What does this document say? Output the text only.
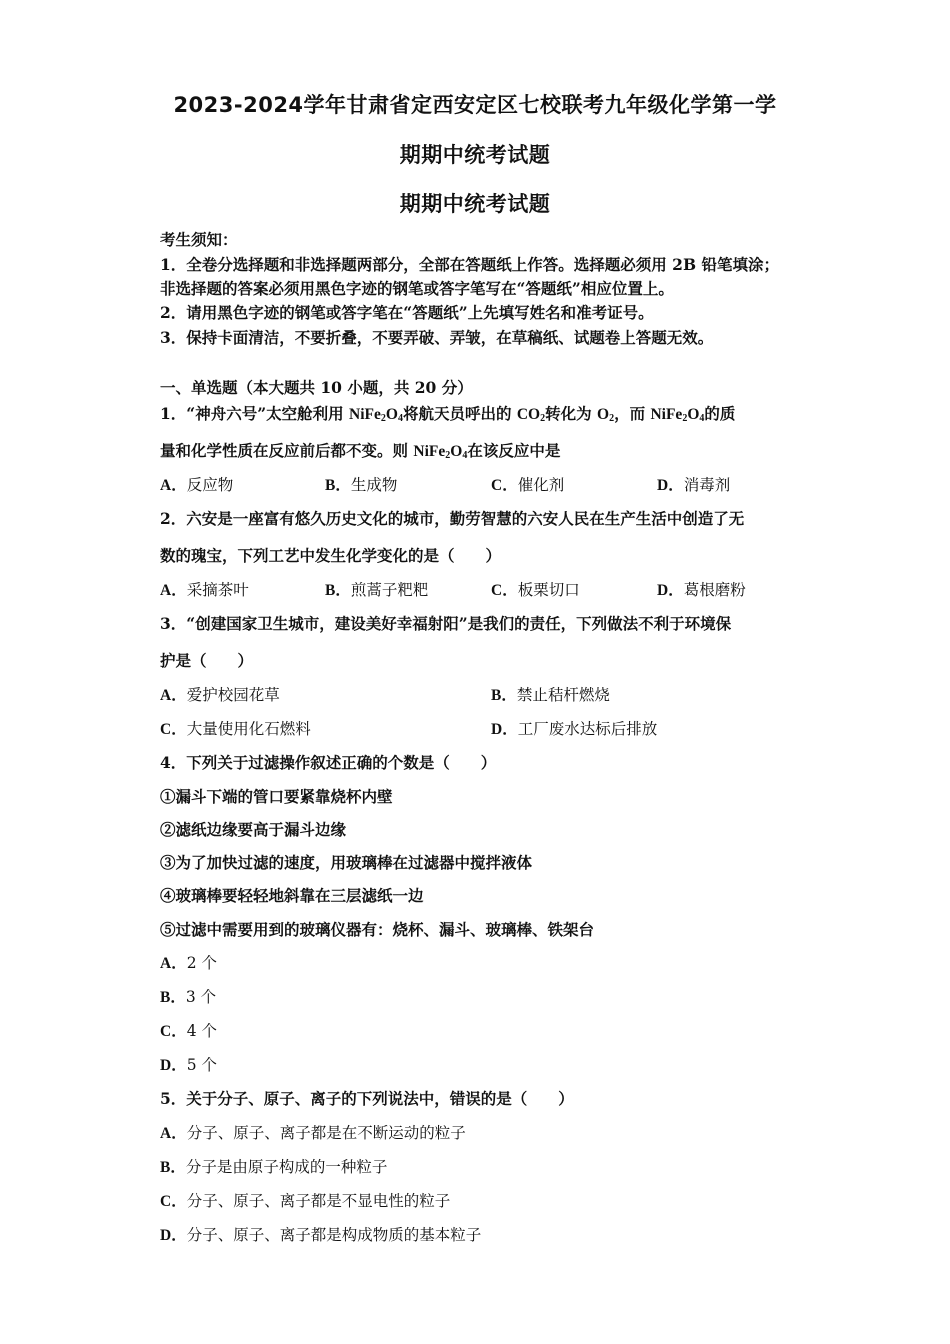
2023-2024学年甘肃省定西安定区七校联考九年级化学第一学
期期中统考试题
期期中统考试题
考生须知：
1．全卷分选择题和非选择题两部分，全部在答题纸上作答。选择题必须用 2B 铅笔填涂；
非选择题的答案必须用黑色字迹的钢笔或答字笔写在“答题纸”相应位置上。
2．请用黑色字迹的钢笔或答字笔在“答题纸”上先填写姓名和准考证号。
3．保持卡面清洁，不要折叠，不要弄破、弄皱，在草稿纸、试题卷上答题无效。
一、单选题（本大题共 10 小题，共 20 分）
1．“神舟六号”太空舱利用 $NiFe_2O_4$将航天员呼出的 $CO_2$转化为 $O_2$，而 $NiFe_2O_4$的质
量和化学性质在反应前后都不变。则 $NiFe_2O_4$在该反应中是
A．反应物	B．生成物	C．催化剂	D．消毒剂
2．六安是一座富有悠久历史文化的城市，勤劳智慧的六安人民在生产生活中创造了无
数的瑰宝，下列工艺中发生化学变化的是（　　）
A．采摘茶叶	B．煎蒿子粑粑	C．板栗切口	D．葛根磨粉
3．“创建国家卫生城市，建设美好幸福射阳”是我们的责任，下列做法不利于环境保
护是（　　）
A．爱护校园花草	B．禁止秸杆燃烧
C．大量使用化石燃料	D．工厂废水达标后排放
4．下列关于过滤操作叙述正确的个数是（　　）
①漏斗下端的管口要紧靠烧杯内壁
②滤纸边缘要高于漏斗边缘
③为了加快过滤的速度，用玻璃棒在过滤器中搅拌液体
④玻璃棒要轻轻地斜靠在三层滤纸一边
⑤过滤中需要用到的玻璃仪器有：烧杯、漏斗、玻璃棒、铁架台
A．2 个
B．3 个
C．4 个
D．5 个
5．关于分子、原子、离子的下列说法中，错误的是（　　）
A．分子、原子、离子都是在不断运动的粒子
B．分子是由原子构成的一种粒子
C．分子、原子、离子都是不显电性的粒子
D．分子、原子、离子都是构成物质的基本粒子
